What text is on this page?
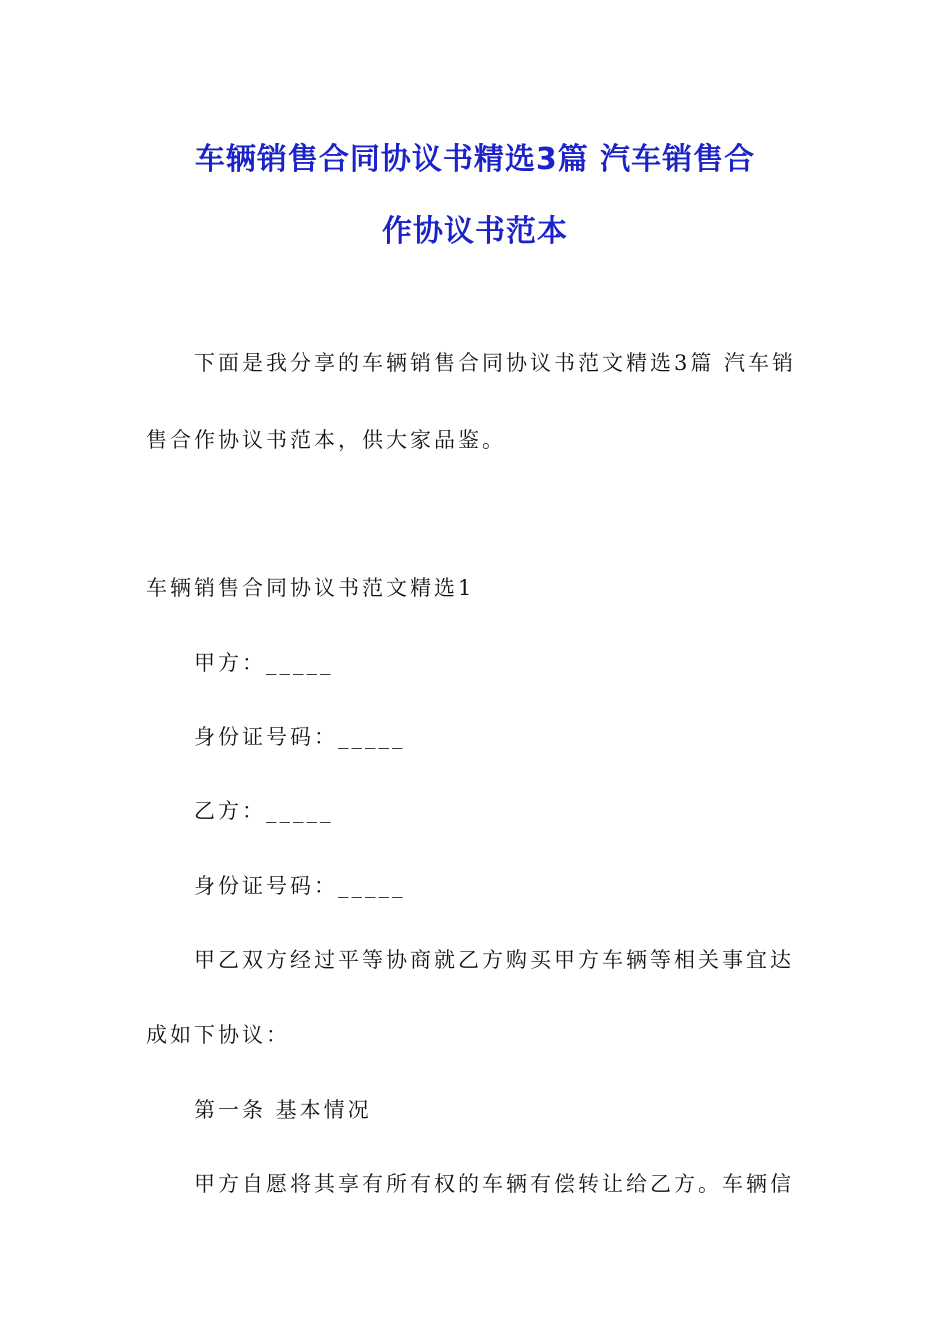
车辆销售合同协议书精选3篇 汽车销售合
作协议书范本
下面是我分享的车辆销售合同协议书范文精选3篇 汽车销
售合作协议书范本，供大家品鉴。
车辆销售合同协议书范文精选1
甲方：_____
身份证号码：_____
乙方：_____
身份证号码：_____
甲乙双方经过平等协商就乙方购买甲方车辆等相关事宜达
成如下协议：
第一条 基本情况
甲方自愿将其享有所有权的车辆有偿转让给乙方。车辆信
